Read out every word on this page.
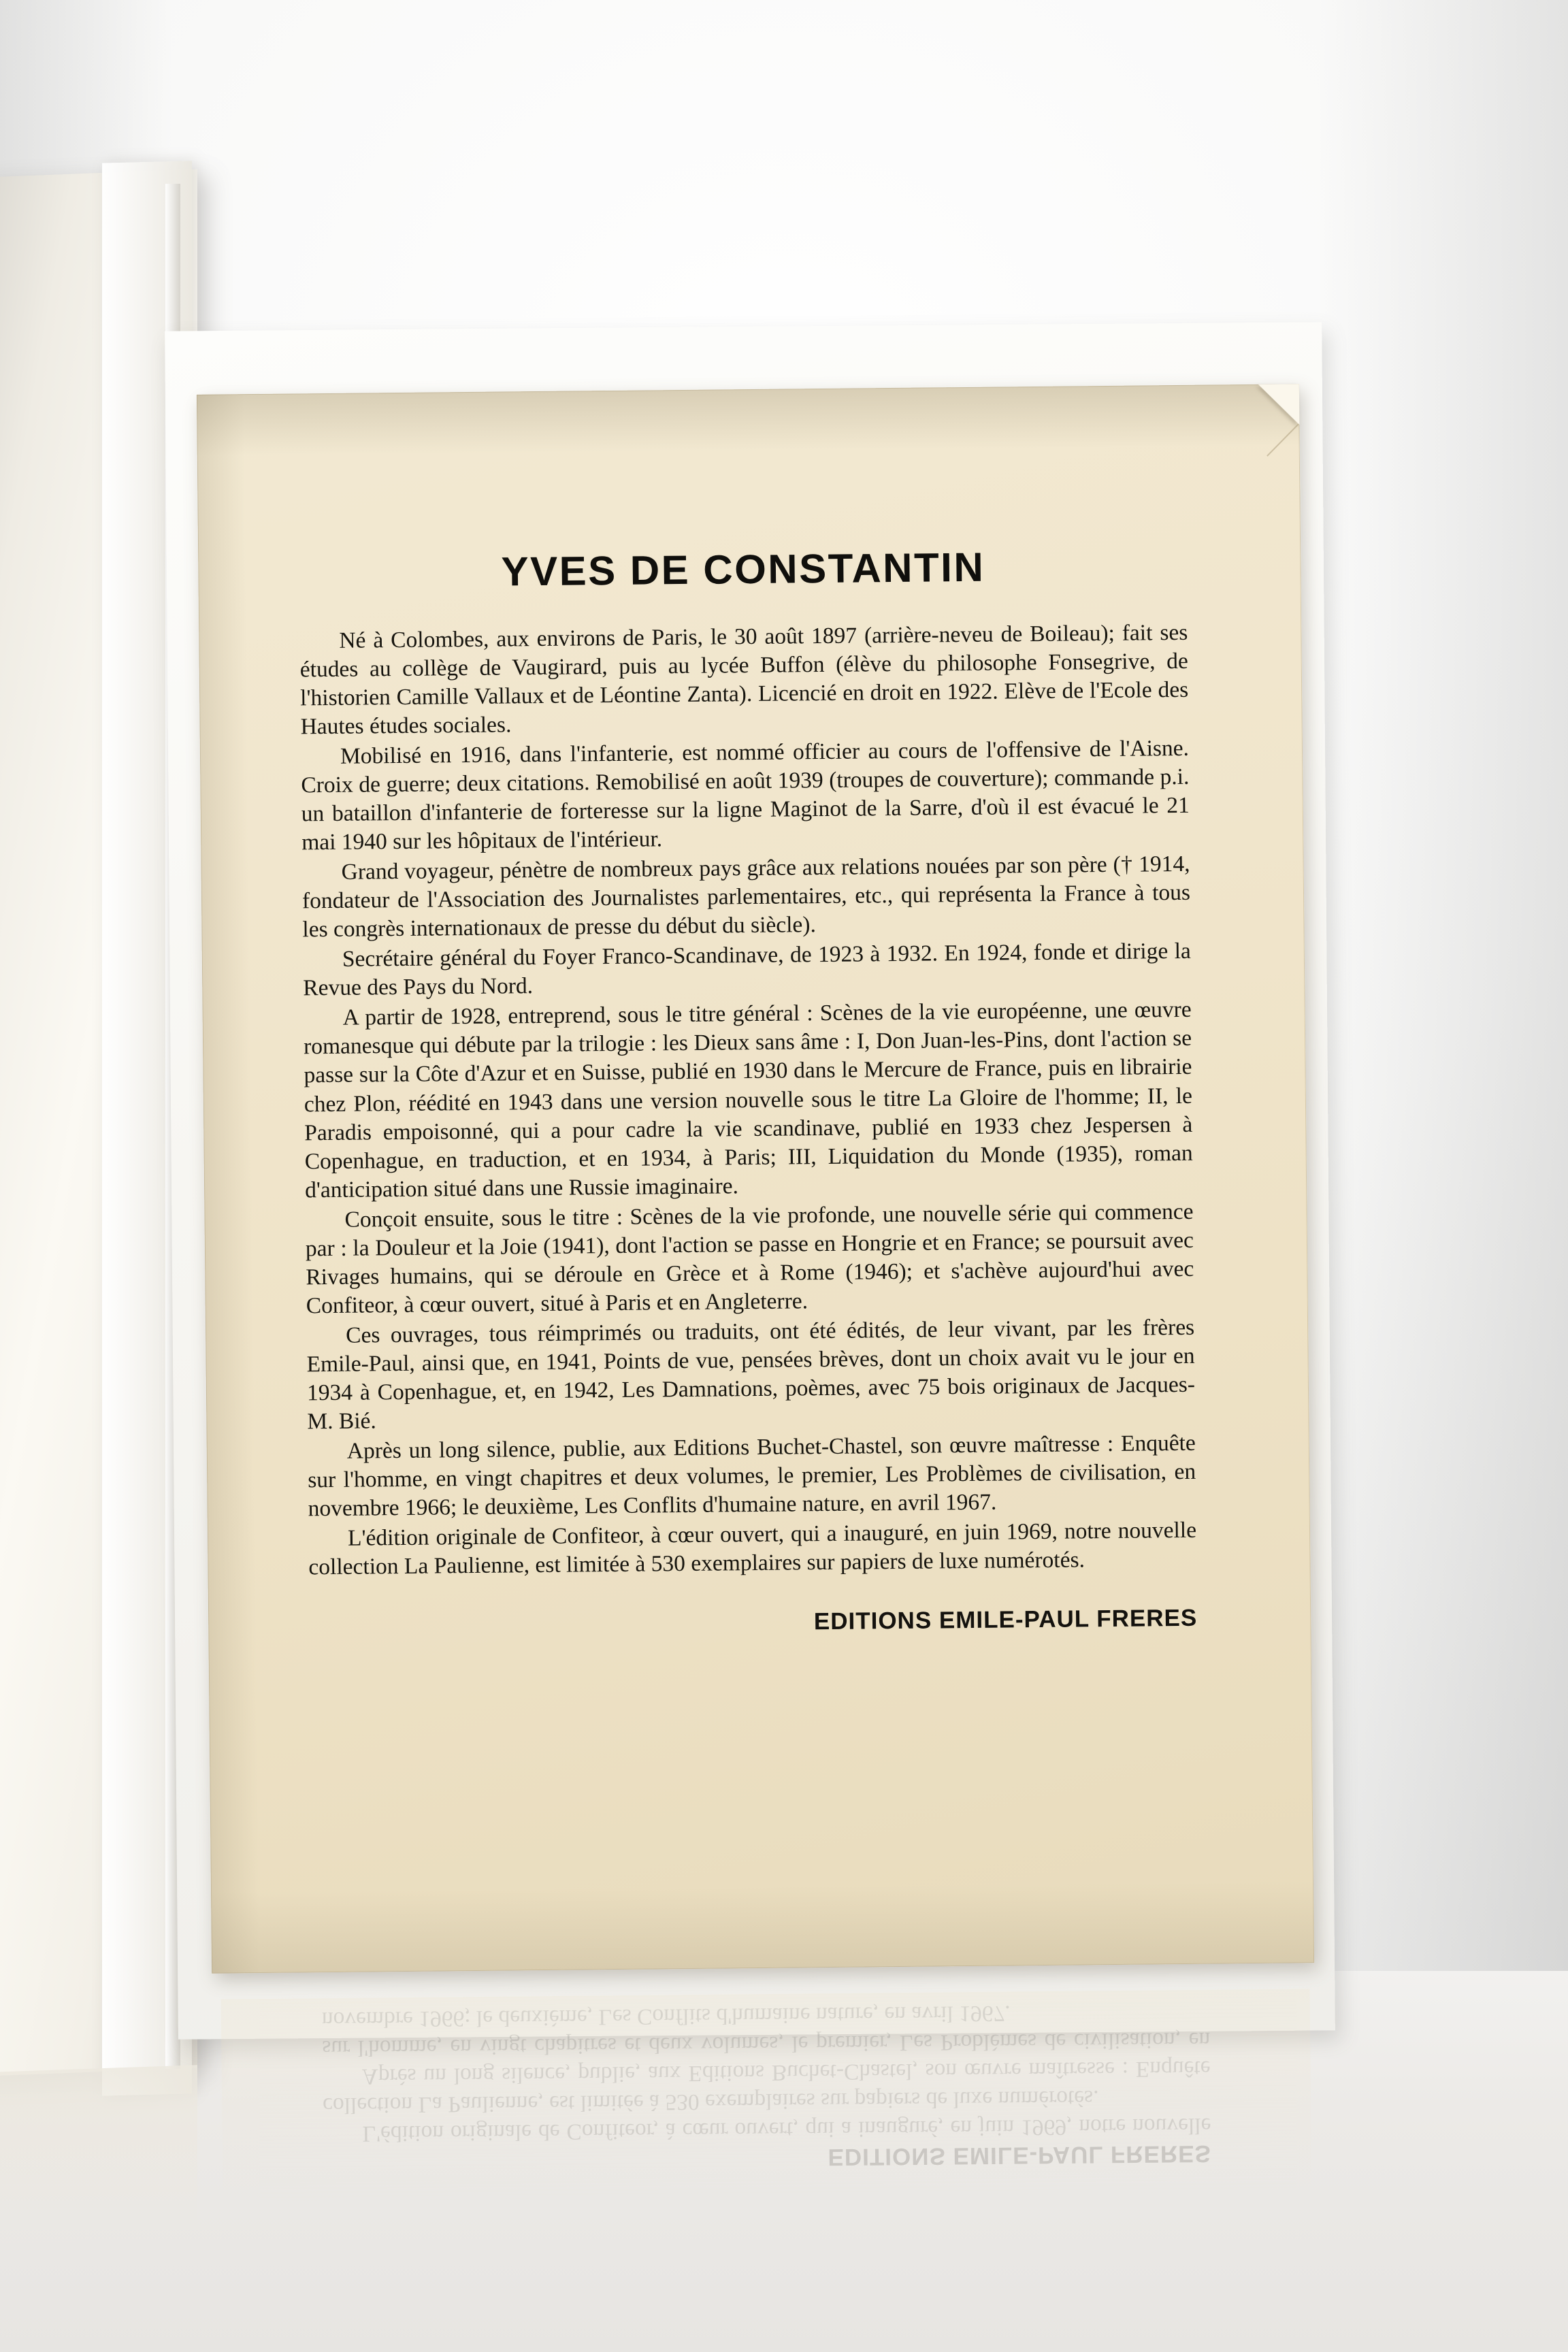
YVES DE CONSTANTIN

Né à Colombes, aux environs de Paris, le 30 août 1897 (arrière-neveu de Boileau); fait ses études au collège de Vaugirard, puis au lycée Buffon (élève du philosophe Fonsegrive, de l'historien Camille Vallaux et de Léontine Zanta). Licencié en droit en 1922. Elève de l'Ecole des Hautes études sociales.

Mobilisé en 1916, dans l'infanterie, est nommé officier au cours de l'offensive de l'Aisne. Croix de guerre; deux citations. Remobilisé en août 1939 (troupes de couverture); commande p.i. un bataillon d'infanterie de forteresse sur la ligne Maginot de la Sarre, d'où il est évacué le 21 mai 1940 sur les hôpitaux de l'intérieur.

Grand voyageur, pénètre de nombreux pays grâce aux relations nouées par son père († 1914, fondateur de l'Association des Journalistes parlementaires, etc., qui représenta la France à tous les congrès internationaux de presse du début du siècle).

Secrétaire général du Foyer Franco-Scandinave, de 1923 à 1932. En 1924, fonde et dirige la Revue des Pays du Nord.

A partir de 1928, entreprend, sous le titre général : Scènes de la vie européenne, une œuvre romanesque qui débute par la trilogie : les Dieux sans âme : I, Don Juan-les-Pins, dont l'action se passe sur la Côte d'Azur et en Suisse, publié en 1930 dans le Mercure de France, puis en librairie chez Plon, réédité en 1943 dans une version nouvelle sous le titre La Gloire de l'homme; II, le Paradis empoisonné, qui a pour cadre la vie scandinave, publié en 1933 chez Jespersen à Copenhague, en traduction, et en 1934, à Paris; III, Liquidation du Monde (1935), roman d'anticipation situé dans une Russie imaginaire.

Conçoit ensuite, sous le titre : Scènes de la vie profonde, une nouvelle série qui commence par : la Douleur et la Joie (1941), dont l'action se passe en Hongrie et en France; se poursuit avec Rivages humains, qui se déroule en Grèce et à Rome (1946); et s'achève aujourd'hui avec Confiteor, à cœur ouvert, situé à Paris et en Angleterre.

Ces ouvrages, tous réimprimés ou traduits, ont été édités, de leur vivant, par les frères Emile-Paul, ainsi que, en 1941, Points de vue, pensées brèves, dont un choix avait vu le jour en 1934 à Copenhague, et, en 1942, Les Damnations, poèmes, avec 75 bois originaux de Jacques-M. Bié.

Après un long silence, publie, aux Editions Buchet-Chastel, son œuvre maîtresse : Enquête sur l'homme, en vingt chapitres et deux volumes, le premier, Les Problèmes de civilisation, en novembre 1966; le deuxième, Les Conflits d'humaine nature, en avril 1967.

L'édition originale de Confiteor, à cœur ouvert, qui a inauguré, en juin 1969, notre nouvelle collection La Paulienne, est limitée à 530 exemplaires sur papiers de luxe numérotés.

EDITIONS EMILE-PAUL FRERES
EDITIONS EMILE-PAUL FRERES

L'édition originale de Confiteor, à cœur ouvert, qui a inauguré, en juin 1969, notre nouvelle collection La Paulienne, est limitée à 530 exemplaires sur papiers de luxe numérotés.

Après un long silence, publie, aux Editions Buchet-Chastel, son œuvre maîtresse : Enquête sur l'homme, en vingt chapitres et deux volumes, le premier, Les Problèmes de civilisation, en novembre 1966; le deuxième, Les Conflits d'humaine nature, en avril 1967.
